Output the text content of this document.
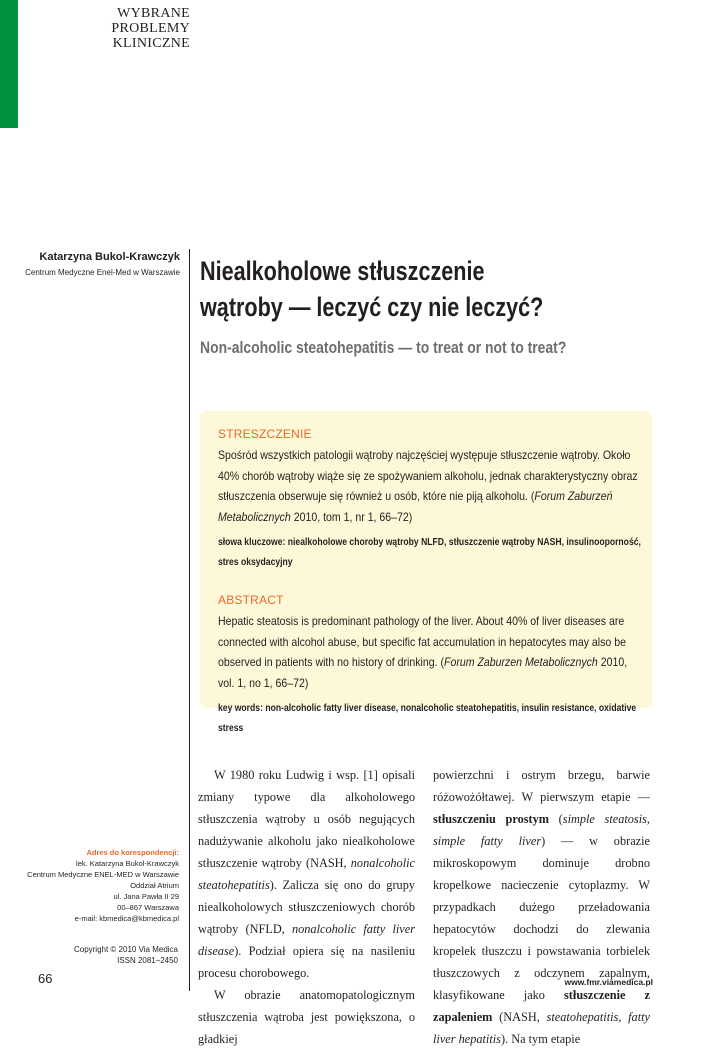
WYBRANE
PROBLEMY
KLINICZNE
Katarzyna Bukol-Krawczyk
Centrum Medyczne Enel-Med w Warszawie Niealkoholowe stłuszczenie
wątroby — leczyć czy nie leczyć?
Non-alcoholic steatohepatitis — to treat or not to treat?

STRESZCZENIE

Spośród wszystkich patologii wątroby najczęściej występuje stłuszczenie wątroby. Około 40% chorób wątroby wiąże się ze spożywaniem alkoholu, jednak charakterystyczny obraz stłuszczenia obserwuje się również u osób, które nie piją alkoholu. (Forum Zaburzeń Metabolicznych 2010, tom 1, nr 1, 66–72)

słowa kluczowe: niealkoholowe choroby wątroby NLFD, stłuszczenie wątroby NASH, insulinooporność, stres oksydacyjny

ABSTRACT

Hepatic steatosis is predominant pathology of the liver. About 40% of liver diseases are connected with alcohol abuse, but specific fat accumulation in hepatocytes may also be observed in patients with no history of drinking. (Forum Zaburzen Metabolicznych 2010, vol. 1, no 1, 66–72)

key words: non-alcoholic fatty liver disease, nonalcoholic steatohepatitis, insulin resistance, oxidative stress

W 1980 roku Ludwig i wsp. [1] opisali zmiany typowe dla alkoholowego stłuszczenia wątroby u osób negujących nadużywanie alkoholu jako niealkoholowe stłuszczenie wątroby (NASH, nonalcoholic steatohepatitis). Zalicza się ono do grupy niealkoholowych stłuszczeniowych chorób wątroby (NFLD, nonalcoholic fatty liver disease). Podział opiera się na nasileniu procesu chorobowego.

W obrazie anatomopatologicznym stłuszczenia wątroba jest powiększona, o gładkiej

powierzchni i ostrym brzegu, barwie różowożółtawej. W pierwszym etapie — stłuszczeniu prostym (simple steatosis, simple fatty liver) — w obrazie mikroskopowym dominuje drobno kropelkowe nacieczenie cytoplazmy. W przypadkach dużego przeładowania hepatocytów dochodzi do zlewania kropelek tłuszczu i powstawania torbielek tłuszczowych z odczynem zapalnym, klasyfikowane jako stłuszczenie z zapaleniem (NASH, steatohepatitis, fatty liver hepatitis). Na tym etapie

Adres do korespondencji:
lek. Katarzyna Bukol-Krawczyk
Centrum Medyczne ENEL-MED w Warszawie
Oddział Atrium
ul. Jana Pawła II 29
00–867 Warszawa
e-mail: kbmedica@kbmedica.pl
Copyright © 2010 Via Medica
ISSN 2081–2450
66	www.fmr.viamedica.pl
